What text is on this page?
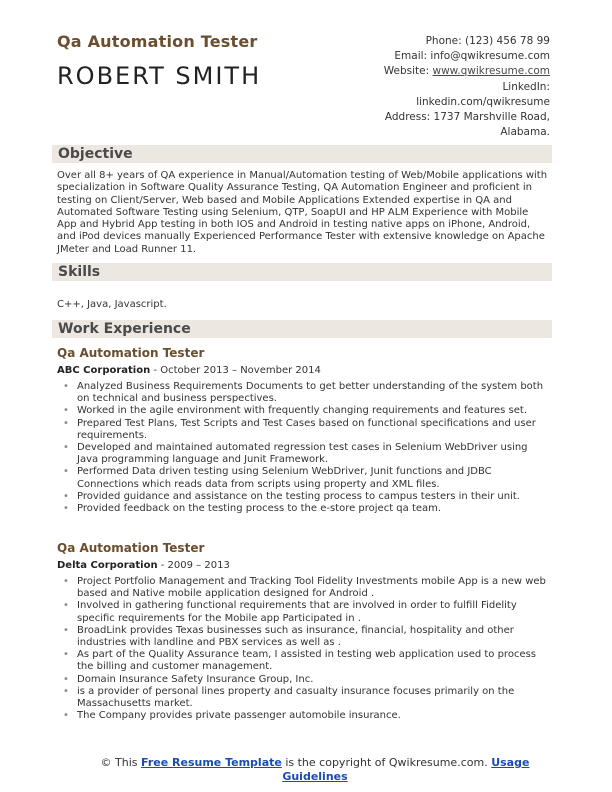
Qa Automation Tester
ROBERT SMITH
Phone: (123) 456 78 99
Email: info@qwikresume.com
Website: www.qwikresume.com
LinkedIn:
linkedin.com/qwikresume
Address: 1737 Marshville Road,
Alabama.
Objective
Over all 8+ years of QA experience in Manual/Automation testing of Web/Mobile applications with specialization in Software Quality Assurance Testing, QA Automation Engineer and proficient in testing on Client/Server, Web based and Mobile Applications Extended expertise in QA and Automated Software Testing using Selenium, QTP, SoapUI and HP ALM Experience with Mobile App and Hybrid App testing in both IOS and Android in testing native apps on iPhone, Android, and iPod devices manually Experienced Performance Tester with extensive knowledge on Apache JMeter and Load Runner 11.
Skills
C++, Java, Javascript.
Work Experience
Qa Automation Tester
ABC Corporation - October 2013 – November 2014
• Analyzed Business Requirements Documents to get better understanding of the system both on technical and business perspectives.
• Worked in the agile environment with frequently changing requirements and features set.
• Prepared Test Plans, Test Scripts and Test Cases based on functional specifications and user requirements.
• Developed and maintained automated regression test cases in Selenium WebDriver using Java programming language and Junit Framework.
• Performed Data driven testing using Selenium WebDriver, Junit functions and JDBC Connections which reads data from scripts using property and XML files.
• Provided guidance and assistance on the testing process to campus testers in their unit.
• Provided feedback on the testing process to the e-store project qa team.
Qa Automation Tester
Delta Corporation - 2009 – 2013
• Project Portfolio Management and Tracking Tool Fidelity Investments mobile App is a new web based and Native mobile application designed for Android .
• Involved in gathering functional requirements that are involved in order to fulfill Fidelity specific requirements for the Mobile app Participated in .
• BroadLink provides Texas businesses such as insurance, financial, hospitality and other industries with landline and PBX services as well as .
• As part of the Quality Assurance team, I assisted in testing web application used to process the billing and customer management.
• Domain Insurance Safety Insurance Group, Inc.
• is a provider of personal lines property and casualty insurance focuses primarily on the Massachusetts market.
• The Company provides private passenger automobile insurance.
© This Free Resume Template is the copyright of Qwikresume.com. Usage Guidelines
